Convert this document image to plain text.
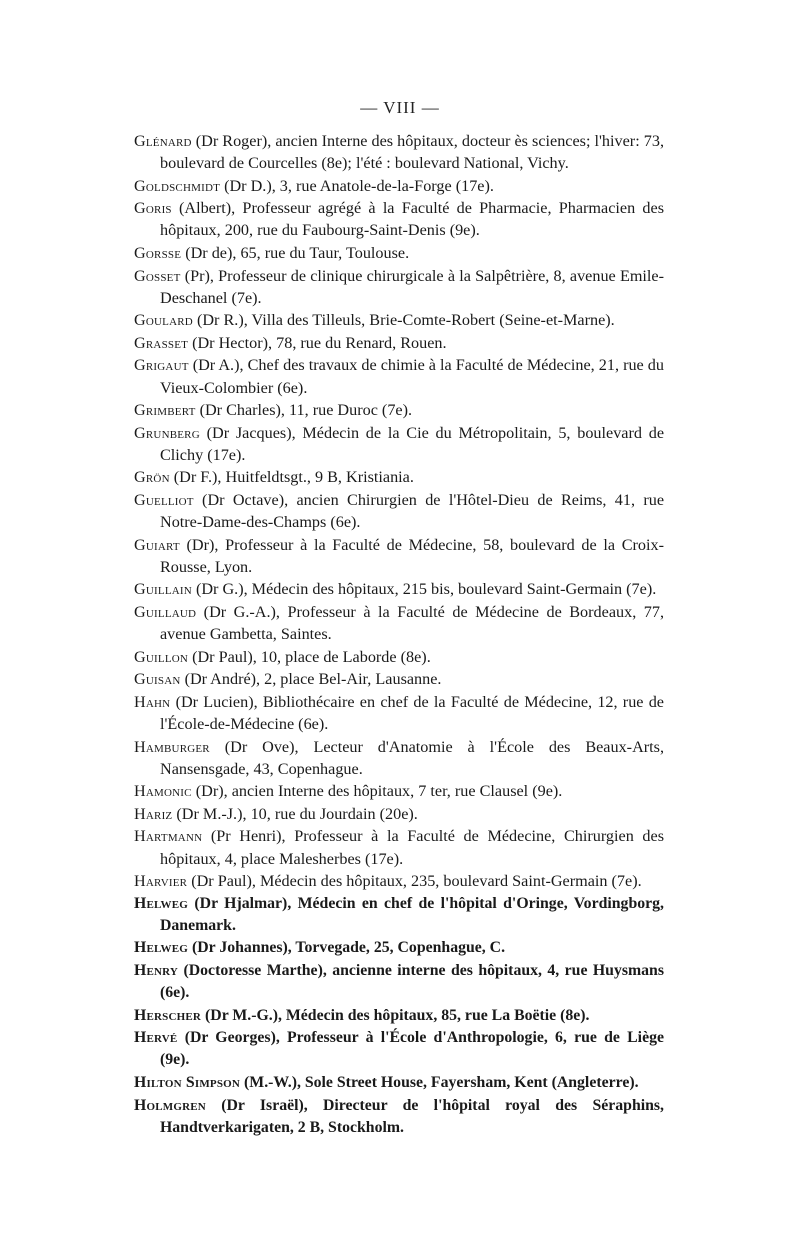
— VIII —

Glénard (Dr Roger), ancien Interne des hôpitaux, docteur ès sciences; l'hiver: 73, boulevard de Courcelles (8e); l'été : boulevard National, Vichy.

Goldschmidt (Dr D.), 3, rue Anatole-de-la-Forge (17e).

Goris (Albert), Professeur agrégé à la Faculté de Pharmacie, Pharmacien des hôpitaux, 200, rue du Faubourg-Saint-Denis (9e).

Gorsse (Dr de), 65, rue du Taur, Toulouse.

Gosset (Pr), Professeur de clinique chirurgicale à la Salpêtrière, 8, avenue Emile-Deschanel (7e).

Goulard (Dr R.), Villa des Tilleuls, Brie-Comte-Robert (Seine-et-Marne).

Grasset (Dr Hector), 78, rue du Renard, Rouen.

Grigaut (Dr A.), Chef des travaux de chimie à la Faculté de Médecine, 21, rue du Vieux-Colombier (6e).

Grimbert (Dr Charles), 11, rue Duroc (7e).

Grunberg (Dr Jacques), Médecin de la Cie du Métropolitain, 5, boulevard de Clichy (17e).

Grön (Dr F.), Huitfeldtsgt., 9 B, Kristiania.

Guelliot (Dr Octave), ancien Chirurgien de l'Hôtel-Dieu de Reims, 41, rue Notre-Dame-des-Champs (6e).

Guiart (Dr), Professeur à la Faculté de Médecine, 58, boulevard de la Croix-Rousse, Lyon.

Guillain (Dr G.), Médecin des hôpitaux, 215 bis, boulevard Saint-Germain (7e).

Guillaud (Dr G.-A.), Professeur à la Faculté de Médecine de Bordeaux, 77, avenue Gambetta, Saintes.

Guillon (Dr Paul), 10, place de Laborde (8e).

Guisan (Dr André), 2, place Bel-Air, Lausanne.

Hahn (Dr Lucien), Bibliothécaire en chef de la Faculté de Médecine, 12, rue de l'École-de-Médecine (6e).

Hamburger (Dr Ove), Lecteur d'Anatomie à l'École des Beaux-Arts, Nansensgade, 43, Copenhague.

Hamonic (Dr), ancien Interne des hôpitaux, 7 ter, rue Clausel (9e).

Hariz (Dr M.-J.), 10, rue du Jourdain (20e).

Hartmann (Pr Henri), Professeur à la Faculté de Médecine, Chirurgien des hôpitaux, 4, place Malesherbes (17e).

Harvier (Dr Paul), Médecin des hôpitaux, 235, boulevard Saint-Germain (7e).

Helweg (Dr Hjalmar), Médecin en chef de l'hôpital d'Oringe, Vordingborg, Danemark.

Helweg (Dr Johannes), Torvegade, 25, Copenhague, C.

Henry (Doctoresse Marthe), ancienne interne des hôpitaux, 4, rue Huysmans (6e).

Herscher (Dr M.-G.), Médecin des hôpitaux, 85, rue La Boëtie (8e).

Hervé (Dr Georges), Professeur à l'École d'Anthropologie, 6, rue de Liège (9e).

Hilton Simpson (M.-W.), Sole Street House, Fayersham, Kent (Angleterre).

Holmgren (Dr Israël), Directeur de l'hôpital royal des Séraphins, Handtverkarigaten, 2 B, Stockholm.
